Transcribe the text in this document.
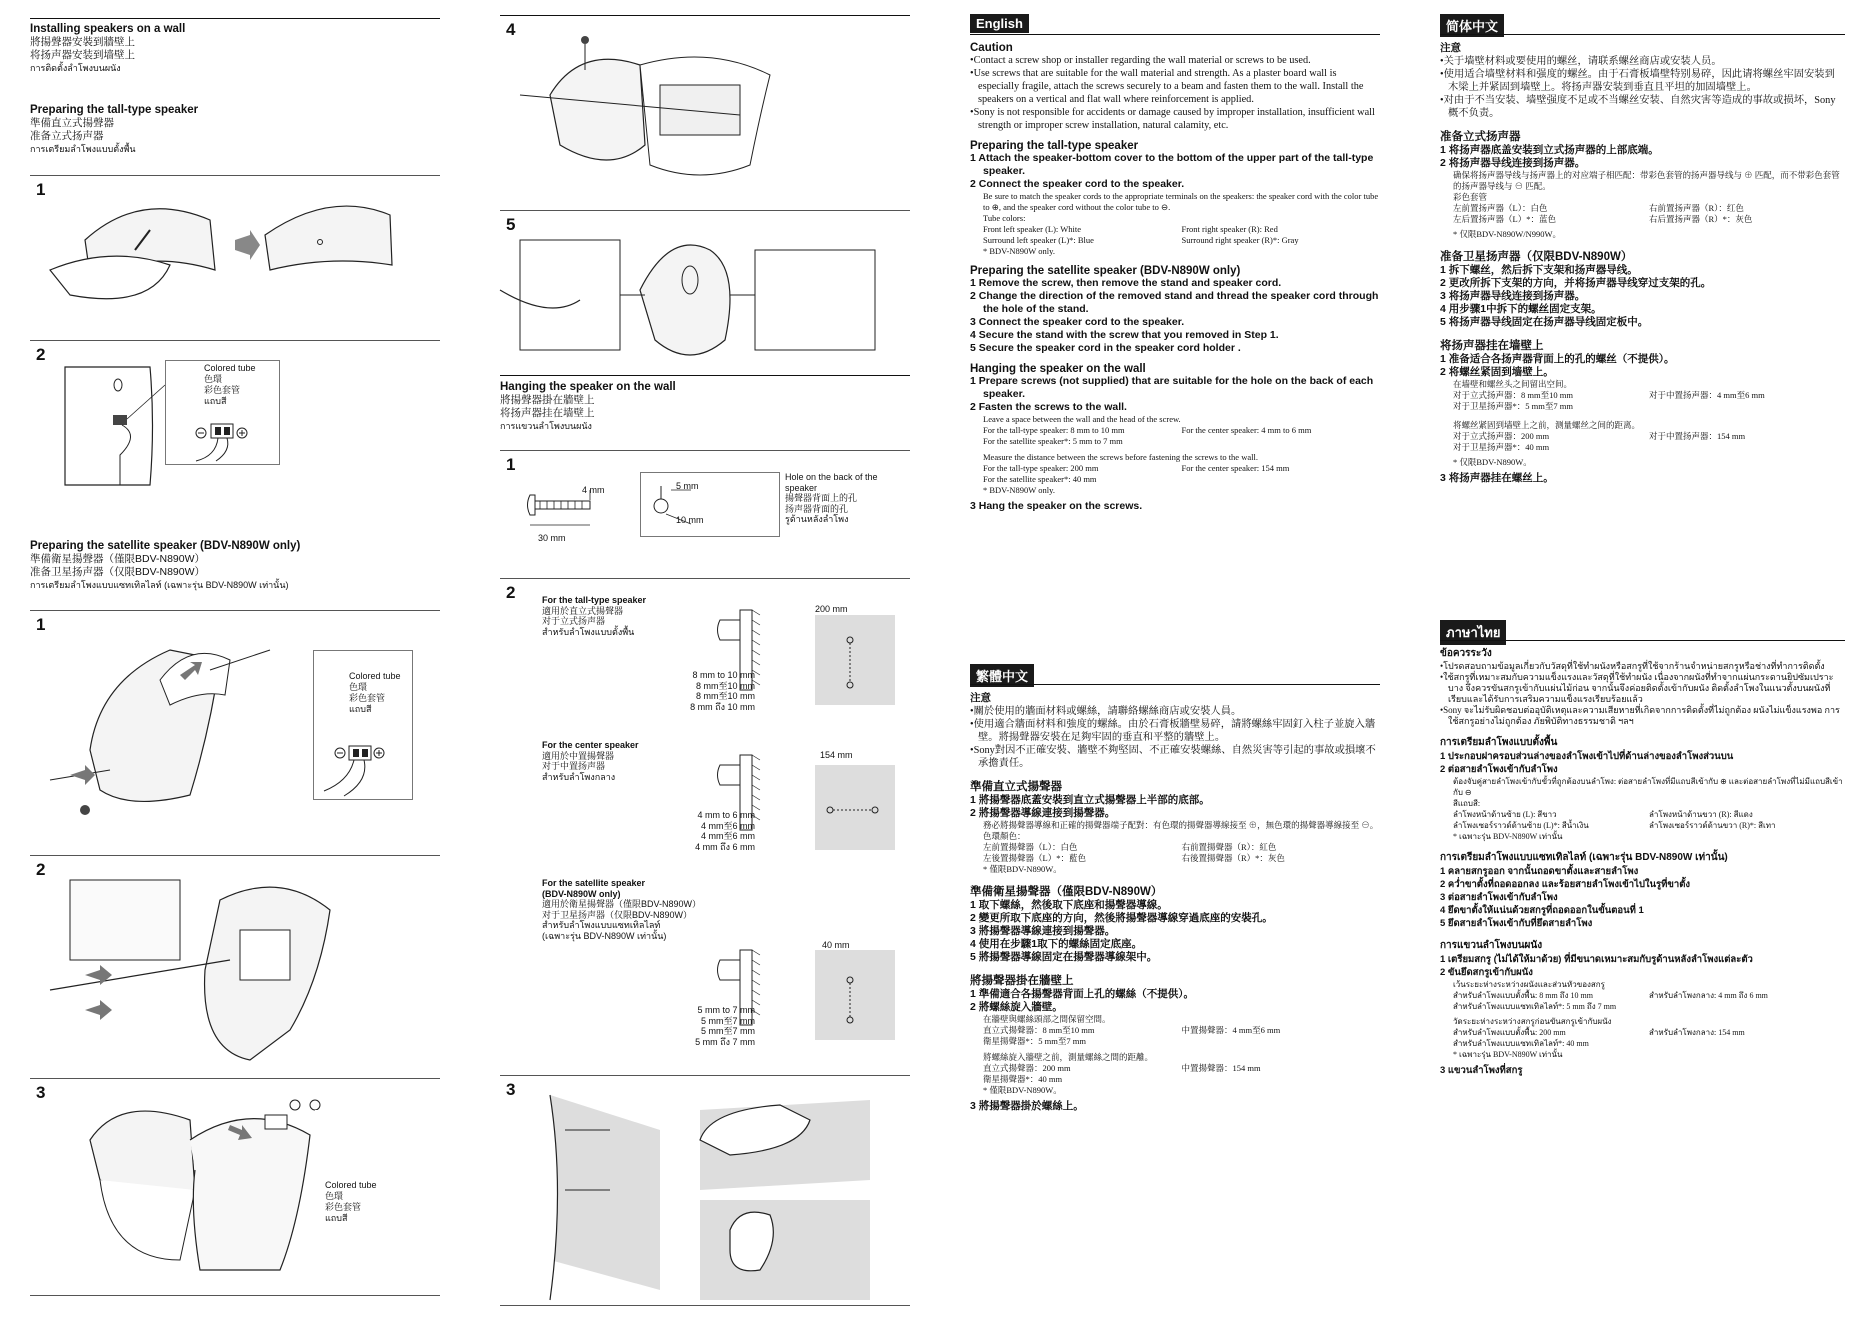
Installing speakers on a wall
將揚聲器安裝到牆壁上
将扬声器安装到墙壁上
การติดตั้งลำโพงบนผนัง
Preparing the tall-type speaker
準備直立式揚聲器
准备立式扬声器
การเตรียมลำโพงแบบตั้งพื้น
1
2
Colored tube
色環
彩色套管
แถบสี
Preparing the satellite speaker (BDV-N890W only)
準備衛星揚聲器（僅限BDV-N890W）
准备卫星扬声器（仅限BDV-N890W）
การเตรียมลำโพงแบบแซทเทิลไลท์ (เฉพาะรุ่น BDV-N890W เท่านั้น)
1
Colored tube
色環
彩色套管
แถบสี
2
3
Colored tube
色環
彩色套管
แถบสี
4
5
Hanging the speaker on the wall
將揚聲器掛在牆壁上
将扬声器挂在墙壁上
การแขวนลำโพงบนผนัง
1
4 mm
30 mm
5 mm
10 mm
Hole on the back of the speaker
揚聲器背面上的孔
扬声器背面的孔
รูด้านหลังลำโพง
2	For the tall-type speaker
適用於直立式揚聲器
对于立式扬声器
สำหรับลำโพงแบบตั้งพื้น
200 mm
8 mm to 10 mm
8 mm至10 mm
8 mm至10 mm
8 mm ถึง 10 mm
For the center speaker
適用於中置揚聲器
对于中置扬声器
สำหรับลำโพงกลาง
154 mm
4 mm to 6 mm
4 mm至6 mm
4 mm至6 mm
4 mm ถึง 6 mm
For the satellite speaker
(BDV-N890W only)
適用於衛星揚聲器（僅限BDV-N890W）
对于卫星扬声器（仅限BDV-N890W）
สำหรับลำโพงแบบแซทเทิลไลท์
(เฉพาะรุ่น BDV-N890W เท่านั้น)
40 mm
5 mm to 7 mm
5 mm至7 mm
5 mm至7 mm
5 mm ถึง 7 mm
3
English
Caution
•Contact a screw shop or installer regarding the wall material or screws to be used.
•Use screws that are suitable for the wall material and strength. As a plaster board wall is especially fragile, attach the screws securely to a beam and fasten them to the wall. Install the speakers on a vertical and flat wall where reinforcement is applied.
•Sony is not responsible for accidents or damage caused by improper installation, insufficient wall strength or improper screw installation, natural calamity, etc.
Preparing the tall-type speaker
1 Attach the speaker-bottom cover to the bottom of the upper part of the tall-type speaker.
2 Connect the speaker cord to the speaker.
Be sure to match the speaker cords to the appropriate terminals on the speakers: the speaker cord with the color tube to ⊕, and the speaker cord without the color tube to ⊖.
Tube colors:
Front left speaker (L): White	Front right speaker (R): Red
Surround left speaker (L)*: Blue	Surround right speaker (R)*: Gray
* BDV-N890W only.
Preparing the satellite speaker (BDV-N890W only)
1 Remove the screw, then remove the stand and speaker cord.
2 Change the direction of the removed stand and thread the speaker cord through the hole of the stand.
3 Connect the speaker cord to the speaker.
4 Secure the stand with the screw that you removed in Step 1.
5 Secure the speaker cord in the speaker cord holder .
Hanging the speaker on the wall
1 Prepare screws (not supplied) that are suitable for the hole on the back of each speaker.
2 Fasten the screws to the wall.
Leave a space between the wall and the head of the screw.
For the tall-type speaker: 8 mm to 10 mm	For the center speaker: 4 mm to 6 mm
For the satellite speaker*: 5 mm to 7 mm
Measure the distance between the screws before fastening the screws to the wall.
For the tall-type speaker: 200 mm	For the center speaker: 154 mm
For the satellite speaker*: 40 mm
* BDV-N890W only.
3 Hang the speaker on the screws.
繁體中文
注意
•關於使用的牆面材料或螺絲，請聯絡螺絲商店或安裝人員。
•使用適合牆面材料和強度的螺絲。由於石膏板牆壁易碎，請將螺絲牢固釘入柱子並旋入牆壁。將揚聲器安裝在足夠牢固的垂直和平整的牆壁上。
•Sony對因不正確安裝、牆壁不夠堅固、不正確安裝螺絲、自然災害等引起的事故或損壞不承擔責任。
準備直立式揚聲器
1 將揚聲器底蓋安裝到直立式揚聲器上半部的底部。
2 將揚聲器導線連接到揚聲器。
務必將揚聲器導線和正確的揚聲器端子配對：有色環的揚聲器導線接至 ⊕，無色環的揚聲器導線接至 ⊖。
色環顏色：
左前置揚聲器（L）：白色	右前置揚聲器（R）：紅色
左後置揚聲器（L）*：藍色	右後置揚聲器（R）*：灰色
* 僅限BDV-N890W。
準備衛星揚聲器（僅限BDV-N890W）
1 取下螺絲，然後取下底座和揚聲器導線。
2 變更所取下底座的方向，然後將揚聲器導線穿過底座的安裝孔。
3 將揚聲器導線連接到揚聲器。
4 使用在步驟1取下的螺絲固定底座。
5 將揚聲器導線固定在揚聲器導線架中。
將揚聲器掛在牆壁上
1 準備適合各揚聲器背面上孔的螺絲（不提供）。
2 將螺絲旋入牆壁。
在牆壁與螺絲頭部之間保留空間。
直立式揚聲器：8 mm至10 mm	中置揚聲器：4 mm至6 mm
衛星揚聲器*：5 mm至7 mm
將螺絲旋入牆壁之前，測量螺絲之間的距離。
直立式揚聲器：200 mm	中置揚聲器：154 mm
衛星揚聲器*：40 mm
* 僅限BDV-N890W。
3 將揚聲器掛於螺絲上。
简体中文
注意
•关于墙壁材料或要使用的螺丝，请联系螺丝商店或安装人员。
•使用适合墙壁材料和强度的螺丝。由于石膏板墙壁特别易碎，因此请将螺丝牢固安装到木梁上并紧固到墙壁上。将扬声器安装到垂直且平坦的加固墙壁上。
•对由于不当安装、墙壁强度不足或不当螺丝安装、自然灾害等造成的事故或损坏，Sony概不负责。
准备立式扬声器
1 将扬声器底盖安装到立式扬声器的上部底端。
2 将扬声器导线连接到扬声器。
确保将扬声器导线与扬声器上的对应端子相匹配：带彩色套管的扬声器导线与 ⊕ 匹配，而不带彩色套管的扬声器导线与 ⊖ 匹配。
彩色套管
左前置扬声器（L）：白色	右前置扬声器（R）：红色
左后置扬声器（L）*：蓝色	右后置扬声器（R）*：灰色
* 仅限BDV-N890W/N990W。
准备卫星扬声器（仅限BDV-N890W）
1 拆下螺丝，然后拆下支架和扬声器导线。
2 更改所拆下支架的方向，并将扬声器导线穿过支架的孔。
3 将扬声器导线连接到扬声器。
4 用步骤1中拆下的螺丝固定支架。
5 将扬声器导线固定在扬声器导线固定板中。
将扬声器挂在墙壁上
1 准备适合各扬声器背面上的孔的螺丝（不提供）。
2 将螺丝紧固到墙壁上。
在墙壁和螺丝头之间留出空间。
对于立式扬声器：8 mm至10 mm	对于中置扬声器：4 mm至6 mm
对于卫星扬声器*：5 mm至7 mm
将螺丝紧固到墙壁上之前，测量螺丝之间的距离。
对于立式扬声器：200 mm	对于中置扬声器：154 mm
对于卫星扬声器*：40 mm
* 仅限BDV-N890W。
3 将扬声器挂在螺丝上。
ภาษาไทย
ข้อควรระวัง
•โปรดสอบถามข้อมูลเกี่ยวกับวัสดุที่ใช้ทำผนังหรือสกรูที่ใช้จากร้านจำหน่ายสกรูหรือช่างที่ทำการติดตั้ง
•ใช้สกรูที่เหมาะสมกับความแข็งแรงและวัสดุที่ใช้ทำผนัง เนื่องจากผนังที่ทำจากแผ่นกระดานยิปซัมเปราะบาง จึงควรขันสกรูเข้ากับแผ่นไม้ก่อน จากนั้นจึงค่อยติดตั้งเข้ากับผนัง ติดตั้งลำโพงในแนวตั้งบนผนังที่เรียบและได้รับการเสริมความแข็งแรงเรียบร้อยแล้ว
•Sony จะไม่รับผิดชอบต่ออุบัติเหตุและความเสียหายที่เกิดจากการติดตั้งที่ไม่ถูกต้อง ผนังไม่แข็งแรงพอ การใช้สกรูอย่างไม่ถูกต้อง ภัยพิบัติทางธรรมชาติ ฯลฯ
การเตรียมลำโพงแบบตั้งพื้น
1 ประกอบฝาครอบส่วนล่างของลำโพงเข้าไปที่ด้านล่างของลำโพงส่วนบน
2 ต่อสายลำโพงเข้ากับลำโพง
ต้องจับคู่สายลำโพงเข้ากับขั้วที่ถูกต้องบนลำโพง: ต่อสายลำโพงที่มีแถบสีเข้ากับ ⊕ และต่อสายลำโพงที่ไม่มีแถบสีเข้ากับ ⊖
สีแถบสี:
ลำโพงหน้าด้านซ้าย (L): สีขาว	ลำโพงหน้าด้านขวา (R): สีแดง
ลำโพงเซอร์ราวด์ด้านซ้าย (L)*: สีน้ำเงิน	ลำโพงเซอร์ราวด์ด้านขวา (R)*: สีเทา
* เฉพาะรุ่น BDV-N890W เท่านั้น
การเตรียมลำโพงแบบแซทเทิลไลท์ (เฉพาะรุ่น BDV-N890W เท่านั้น)
1 คลายสกรูออก จากนั้นถอดขาตั้งและสายลำโพง
2 คว่ำขาตั้งที่ถอดออกลง และร้อยสายลำโพงเข้าไปในรูที่ขาตั้ง
3 ต่อสายลำโพงเข้ากับลำโพง
4 ยึดขาตั้งให้แน่นด้วยสกรูที่ถอดออกในขั้นตอนที่ 1
5 ยึดสายลำโพงเข้ากับที่ยึดสายลำโพง
การแขวนลำโพงบนผนัง
1 เตรียมสกรู (ไม่ได้ให้มาด้วย) ที่มีขนาดเหมาะสมกับรูด้านหลังลำโพงแต่ละตัว
2 ขันยึดสกรูเข้ากับผนัง
เว้นระยะห่างระหว่างผนังและส่วนหัวของสกรู
สำหรับลำโพงแบบตั้งพื้น: 8 mm ถึง 10 mm	สำหรับลำโพงกลาง: 4 mm ถึง 6 mm
สำหรับลำโพงแบบแซทเทิลไลท์*: 5 mm ถึง 7 mm
วัดระยะห่างระหว่างสกรูก่อนขันสกรูเข้ากับผนัง
สำหรับลำโพงแบบตั้งพื้น: 200 mm	สำหรับลำโพงกลาง: 154 mm
สำหรับลำโพงแบบแซทเทิลไลท์*: 40 mm
* เฉพาะรุ่น BDV-N890W เท่านั้น
3 แขวนลำโพงที่สกรู
